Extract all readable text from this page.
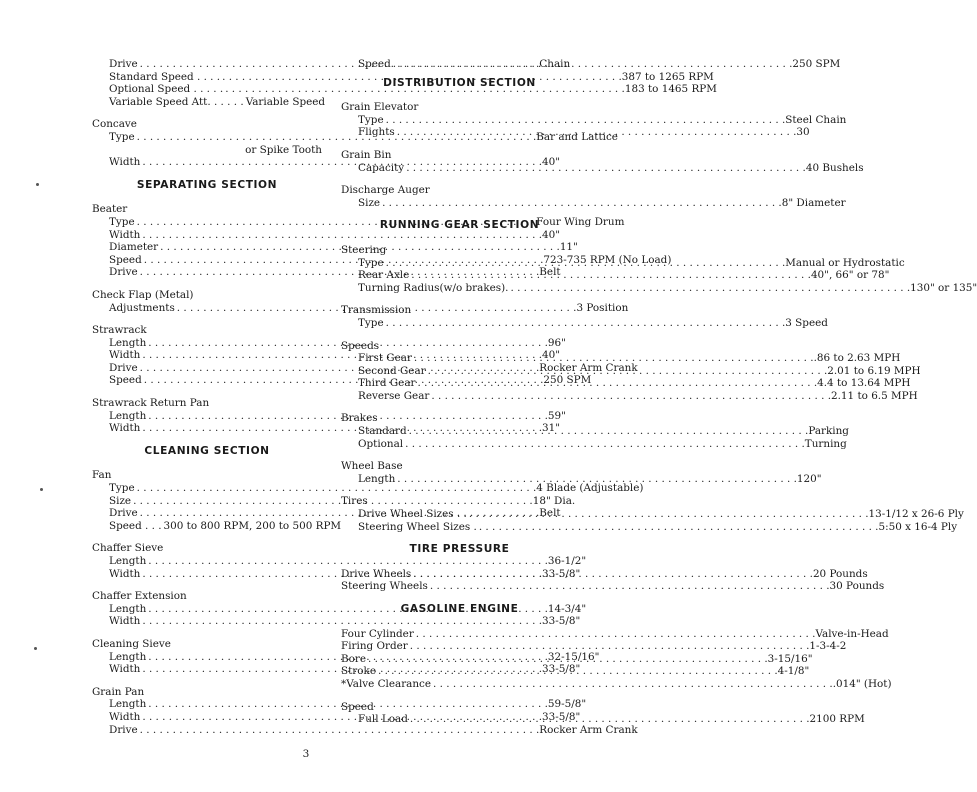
Drive . . .	Chain
Standard Speed . . . . . . .	387 to 1265 RPM
Optional Speed . . . . . . . .	183 to 1465 RPM
Variable Speed Att. . . . . . . . . Variable Speed
Concave
Type . . .	Bar and Lattice
or Spike Tooth
Width . . .	40"
SEPARATING SECTION
Beater
Type . . .	Four Wing Drum
Width . . .	40"
Diameter . . .	11"
Speed . . .	723-735 RPM (No Load)
Drive . . .	Belt
Check Flap (Metal)
Adjustments . . .	3 Position
Strawrack
Length . . .	96"
Width . . .	40"
Drive . . .	Rocker Arm Crank
Speed . . .	250 SPM
Strawrack Return Pan
Length . . .	59"
Width . . .	31"
CLEANING SECTION
Fan
Type . . .	4 Blade (Adjustable)
Size . . .	18" Dia.
Drive . . .	Belt
Speed . . . . . . 300 to 800 RPM, 200 to 500 RPM
Chaffer Sieve
Length . . .	36-1/2"
Width . . .	33-5/8"
Chaffer Extension
Length . . .	14-3/4"
Width . . .	33-5/8"
Cleaning Sieve
Length . . .	32-15/16"
Width . . .	33-5/8"
Grain Pan
Length . . .	59-5/8"
Width . . .	33-5/8"
Drive . . .	Rocker Arm Crank
Speed . . .	250 SPM
DISTRIBUTION SECTION
Grain Elevator
Type . . .	Steel Chain
Flights . . .	30
Grain Bin
Capacity . . .	40 Bushels
Discharge Auger
Size . . .	8" Diameter
RUNNING GEAR SECTION
Steering
Type . . .	Manual or Hydrostatic
Rear Axle . . .	40", 66" or 78"
Turning Radius(w/o brakes). . . .	130" or 135"
Transmission
Type . . .	3 Speed
Speeds
First Gear . . .	.86 to 2.63 MPH
Second Gear . . .	2.01 to 6.19 MPH
Third Gear . . .	4.4 to 13.64 MPH
Reverse Gear . . .	2.11 to 6.5 MPH
Brakes
Standard . . .	Parking
Optional . . .	Turning
Wheel Base
Length . . .	120"
Tires
Drive Wheel Sizes . . . . .	13-1/12 x 26-6 Ply
Steering Wheel Sizes . . . .	5:50 x 16-4 Ply
TIRE PRESSURE
Drive Wheels . . .	20 Pounds
Steering Wheels . . .	30 Pounds
GASOLINE ENGINE
Four Cylinder . . .	Valve-in-Head
Firing Order . . .	1-3-4-2
Bore . . .	3-15/16"
Stroke . . .	4-1/8"
*Valve Clearance . . .	.014" (Hot)
Speed
Full Load . . .	2100 RPM
3
